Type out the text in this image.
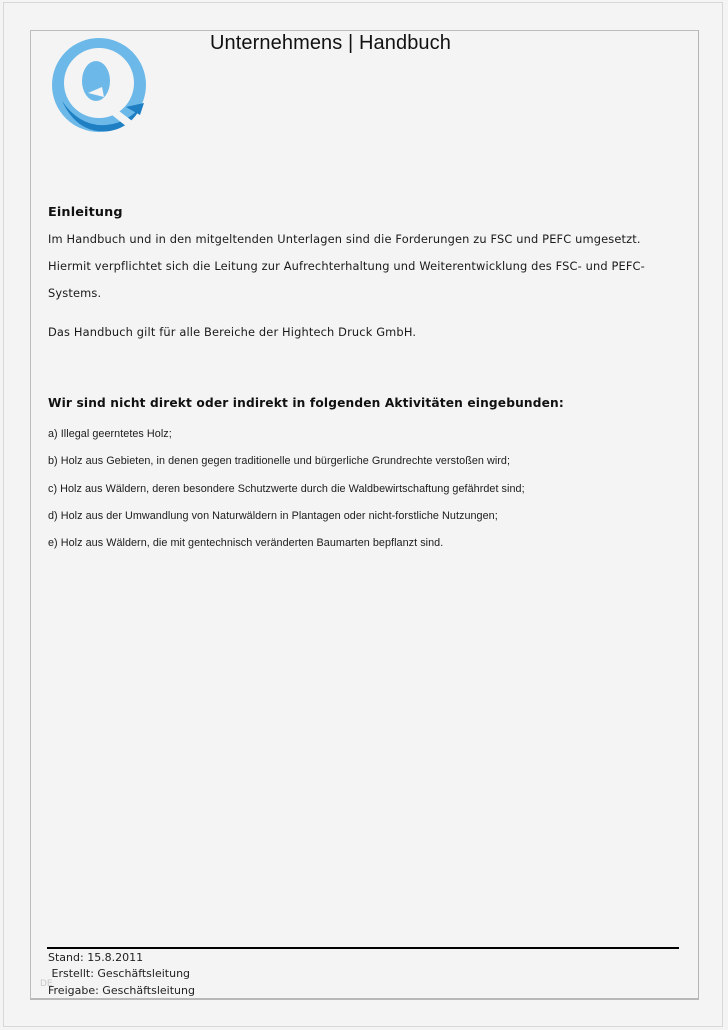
Unternehmens | Handbuch
Einleitung
Im Handbuch und in den mitgeltenden Unterlagen sind die Forderungen zu FSC und PEFC umgesetzt.
Hiermit verpflichtet sich die Leitung zur Aufrechterhaltung und Weiterentwicklung des FSC- und PEFC-
Systems.
Das Handbuch gilt für alle Bereiche der Hightech Druck GmbH.
Wir sind nicht direkt oder indirekt in folgenden Aktivitäten eingebunden:
a) Illegal geerntetes Holz;
b) Holz aus Gebieten, in denen gegen traditionelle und bürgerliche Grundrechte verstoßen wird;
c) Holz aus Wäldern, deren besondere Schutzwerte durch die Waldbewirtschaftung gefährdet sind;
d) Holz aus der Umwandlung von Naturwäldern in Plantagen oder nicht-forstliche Nutzungen;
e) Holz aus Wäldern, die mit gentechnisch veränderten Baumarten bepflanzt sind.
Stand: 15.8.2011
Erstellt: Geschäftsleitung
Freigabe: Geschäftsleitung
DE
